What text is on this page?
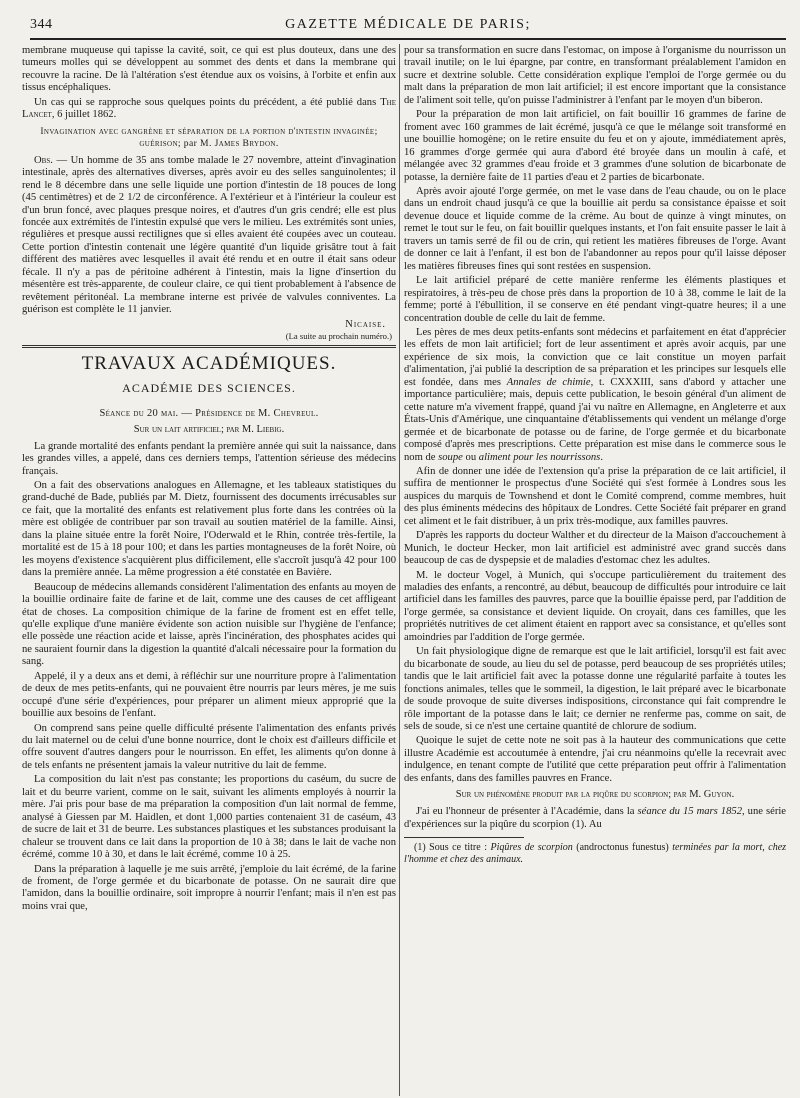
344	GAZETTE MÉDICALE DE PARIS;

membrane muqueuse qui tapisse la cavité, soit, ce qui est plus douteux, dans une des tumeurs molles qui se développent au sommet des dents et dans la membrane qui recouvre la racine. De là l'altération s'est étendue aux os voisins, à l'orbite et enfin aux tissus encéphaliques.

Un cas qui se rapproche sous quelques points du précédent, a été publié dans The Lancet, 6 juillet 1862.

Invagination avec gangrène et séparation de la portion d'intestin invaginée; guérison; par M. James Brydon.

Obs. — Un homme de 35 ans tombe malade le 27 novembre, atteint d'invagination intestinale, après des alternatives diverses, après avoir eu des selles sanguinolentes; il rend le 8 décembre dans une selle liquide une portion d'intestin de 18 pouces de long (45 centimètres) et de 2 1/2 de circonférence. A l'extérieur et à l'intérieur la couleur est d'un brun foncé, avec plaques presque noires, et d'autres d'un gris cendré; elle est plus foncée aux extrémités de l'intestin expulsé que vers le milieu. Les extrémités sont unies, régulières et presque aussi rectilignes que si elles avaient été coupées avec un couteau. Cette portion d'intestin contenait une légère quantité d'un liquide grisâtre tout à fait différent des matières avec lesquelles il avait été rendu et en outre il était sans odeur fécale. Il n'y a pas de péritoine adhérent à l'intestin, mais la ligne d'insertion du mésentère est très-apparente, de couleur claire, ce qui tient probablement à l'absence de revêtement péritonéal. La membrane interne est privée de valvules conniventes. La guérison est complète le 11 janvier.

Nicaise.
(La suite au prochain numéro.)
TRAVAUX ACADÉMIQUES.
ACADÉMIE DES SCIENCES.
Séance du 20 mai. — Présidence de M. Chevreul.
Sur un lait artificiel; par M. Liebig.

La grande mortalité des enfants pendant la première année qui suit la naissance, dans les grandes villes, a appelé, dans ces derniers temps, l'attention sérieuse des médecins français.

On a fait des observations analogues en Allemagne, et les tableaux statistiques du grand-duché de Bade, publiés par M. Dietz, fournissent des documents irrécusables sur ce fait, que la mortalité des enfants est relativement plus forte dans les contrées où la mère est obligée de contribuer par son travail au soutien matériel de la famille. Ainsi, dans la plaine située entre la forêt Noire, l'Oderwald et le Rhin, contrée très-fertile, la mortalité est de 15 à 18 pour 100; et dans les parties montagneuses de la forêt Noire, où les moyens d'existence s'acquièrent plus difficilement, elle s'accroît jusqu'à 42 pour 100 dans la première année. La même progression a été constatée en Bavière.

Beaucoup de médecins allemands considèrent l'alimentation des enfants au moyen de la bouillie ordinaire faite de farine et de lait, comme une des causes de cet affligeant état de choses. La composition chimique de la farine de froment est en effet telle, qu'elle explique d'une manière évidente son action nuisible sur l'hygiène de l'enfance; elle possède une réaction acide et laisse, après l'incinération, des phosphates acides qui ne sauraient fournir dans la digestion la quantité d'alcali nécessaire pour la formation du sang.

Appelé, il y a deux ans et demi, à réfléchir sur une nourriture propre à l'alimentation de deux de mes petits-enfants, qui ne pouvaient être nourris par leurs mères, je me suis occupé d'une série d'expériences, pour préparer un aliment mieux approprié que la bouillie aux besoins de l'enfant.

On comprend sans peine quelle difficulté présente l'alimentation des enfants privés du lait maternel ou de celui d'une bonne nourrice, dont le choix est d'ailleurs difficile et offre souvent d'autres dangers pour le nourrisson. En effet, les aliments qu'on donne à de tels enfants ne présentent jamais la valeur nutritive du lait de femme.

La composition du lait n'est pas constante; les proportions du caséum, du sucre de lait et du beurre varient, comme on le sait, suivant les aliments employés à nourrir la mère. J'ai pris pour base de ma préparation la composition d'un lait normal de femme, analysé à Giessen par M. Haidlen, et dont 1,000 parties contenaient 31 de caséum, 43 de sucre de lait et 31 de beurre. Les substances plastiques et les substances produisant la chaleur se trouvent dans ce lait dans la proportion de 10 à 38; dans le lait de vache non écrémé, comme 10 à 30, et dans le lait écrémé, comme 10 à 25.

Dans la préparation à laquelle je me suis arrêté, j'emploie du lait écrémé, de la farine de froment, de l'orge germée et du bicarbonate de potasse. On ne saurait dire que l'amidon, dans la bouillie ordinaire, soit impropre à nourrir l'enfant; mais il n'en est pas moins vrai que,

pour sa transformation en sucre dans l'estomac, on impose à l'organisme du nourrisson un travail inutile; on le lui épargne, par contre, en transformant préalablement l'amidon en sucre et dextrine soluble. Cette considération explique l'emploi de l'orge germée ou du malt dans la préparation de mon lait artificiel; il est encore important que la consistance de l'aliment soit telle, qu'on puisse l'administrer à l'enfant par le moyen d'un biberon.

Pour la préparation de mon lait artificiel, on fait bouillir 16 grammes de farine de froment avec 160 grammes de lait écrémé, jusqu'à ce que le mélange soit transformé en une bouillie homogène; on le retire ensuite du feu et on y ajoute, immédiatement après, 16 grammes d'orge germée qui aura d'abord été broyée dans un moulin à café, et mélangée avec 32 grammes d'eau froide et 3 grammes d'une solution de bicarbonate de potasse, la dernière faite de 11 parties d'eau et 2 parties de bicarbonate.

Après avoir ajouté l'orge germée, on met le vase dans de l'eau chaude, ou on le place dans un endroit chaud jusqu'à ce que la bouillie ait perdu sa consistance épaisse et soit devenue douce et liquide comme de la crème. Au bout de quinze à vingt minutes, on remet le tout sur le feu, on fait bouillir quelques instants, et l'on fait ensuite passer le lait à travers un tamis serré de fil ou de crin, qui retient les matières fibreuses de l'orge. Avant de donner ce lait à l'enfant, il est bon de l'abandonner au repos pour qu'il laisse déposer les matières fibreuses fines qui sont restées en suspension.

Le lait artificiel préparé de cette manière renferme les éléments plastiques et respiratoires, à très-peu de chose près dans la proportion de 10 à 38, comme le lait de la femme; porté à l'ébullition, il se conserve en été pendant vingt-quatre heures; il a une concentration double de celle du lait de femme.

Les pères de mes deux petits-enfants sont médecins et parfaitement en état d'apprécier les effets de mon lait artificiel; fort de leur assentiment et après avoir acquis, par une expérience de six mois, la conviction que ce lait constitue un moyen parfait d'alimentation, j'ai publié la description de sa préparation et les principes sur lesquels elle est fondée, dans mes Annales de chimie, t. CXXXIII, sans d'abord y attacher une importance particulière; mais, depuis cette publication, le besoin général d'un aliment de cette nature m'a vivement frappé, quand j'ai vu naître en Allemagne, en Angleterre et aux États-Unis d'Amérique, une cinquantaine d'établissements qui vendent un mélange d'orge germée et de bicarbonate de potasse ou de farine, de l'orge germée et du bicarbonate composé d'après mes prescriptions. Cette préparation est mise dans le commerce sous le nom de soupe ou aliment pour les nourrissons.

Afin de donner une idée de l'extension qu'a prise la préparation de ce lait artificiel, il suffira de mentionner le prospectus d'une Société qui s'est formée à Londres sous les auspices du marquis de Townshend et dont le Comité comprend, comme membres, huit des plus éminents médecins des hôpitaux de Londres. Cette Société fait préparer en grand cet aliment et le fait distribuer, à un prix très-modique, aux familles pauvres.

D'après les rapports du docteur Walther et du directeur de la Maison d'accouchement à Munich, le docteur Hecker, mon lait artificiel est administré avec grand succès dans beaucoup de cas de dyspepsie et de maladies d'estomac chez les adultes.

M. le docteur Vogel, à Munich, qui s'occupe particulièrement du traitement des maladies des enfants, a rencontré, au début, beaucoup de difficultés pour introduire ce lait artificiel dans les familles des pauvres, parce que la bouillie épaisse perd, par l'addition de l'orge germée, sa consistance et devient liquide. On croyait, dans ces familles, que les propriétés nutritives de cet aliment étaient en rapport avec sa consistance, et qu'elles sont amoindries par l'addition de l'orge germée.

Un fait physiologique digne de remarque est que le lait artificiel, lorsqu'il est fait avec du bicarbonate de soude, au lieu du sel de potasse, perd beaucoup de ses propriétés utiles; tandis que le lait artificiel fait avec la potasse donne une régularité parfaite à toutes les fonctions animales, telles que le sommeil, la digestion, le lait préparé avec le bicarbonate de soude provoque de suite diverses indispositions, circonstance qui fait comprendre le rôle important de la potasse dans le lait; ce dernier ne renferme pas, comme on sait, de sels de soude, si ce n'est une certaine quantité de chlorure de sodium.

Quoique le sujet de cette note ne soit pas à la hauteur des communications que cette illustre Académie est accoutumée à entendre, j'ai cru néanmoins qu'elle la recevrait avec indulgence, en tenant compte de l'utilité que cette préparation peut offrir à l'alimentation des enfants, dans des familles pauvres en France.

Sur un phénomène produit par la piqûre du scorpion; par M. Guyon.

J'ai eu l'honneur de présenter à l'Académie, dans la séance du 15 mars 1852, une série d'expériences sur la piqûre du scorpion (1). Au

(1) Sous ce titre : Piqûres de scorpion (androctonus funestus) terminées par la mort, chez l'homme et chez des animaux.
